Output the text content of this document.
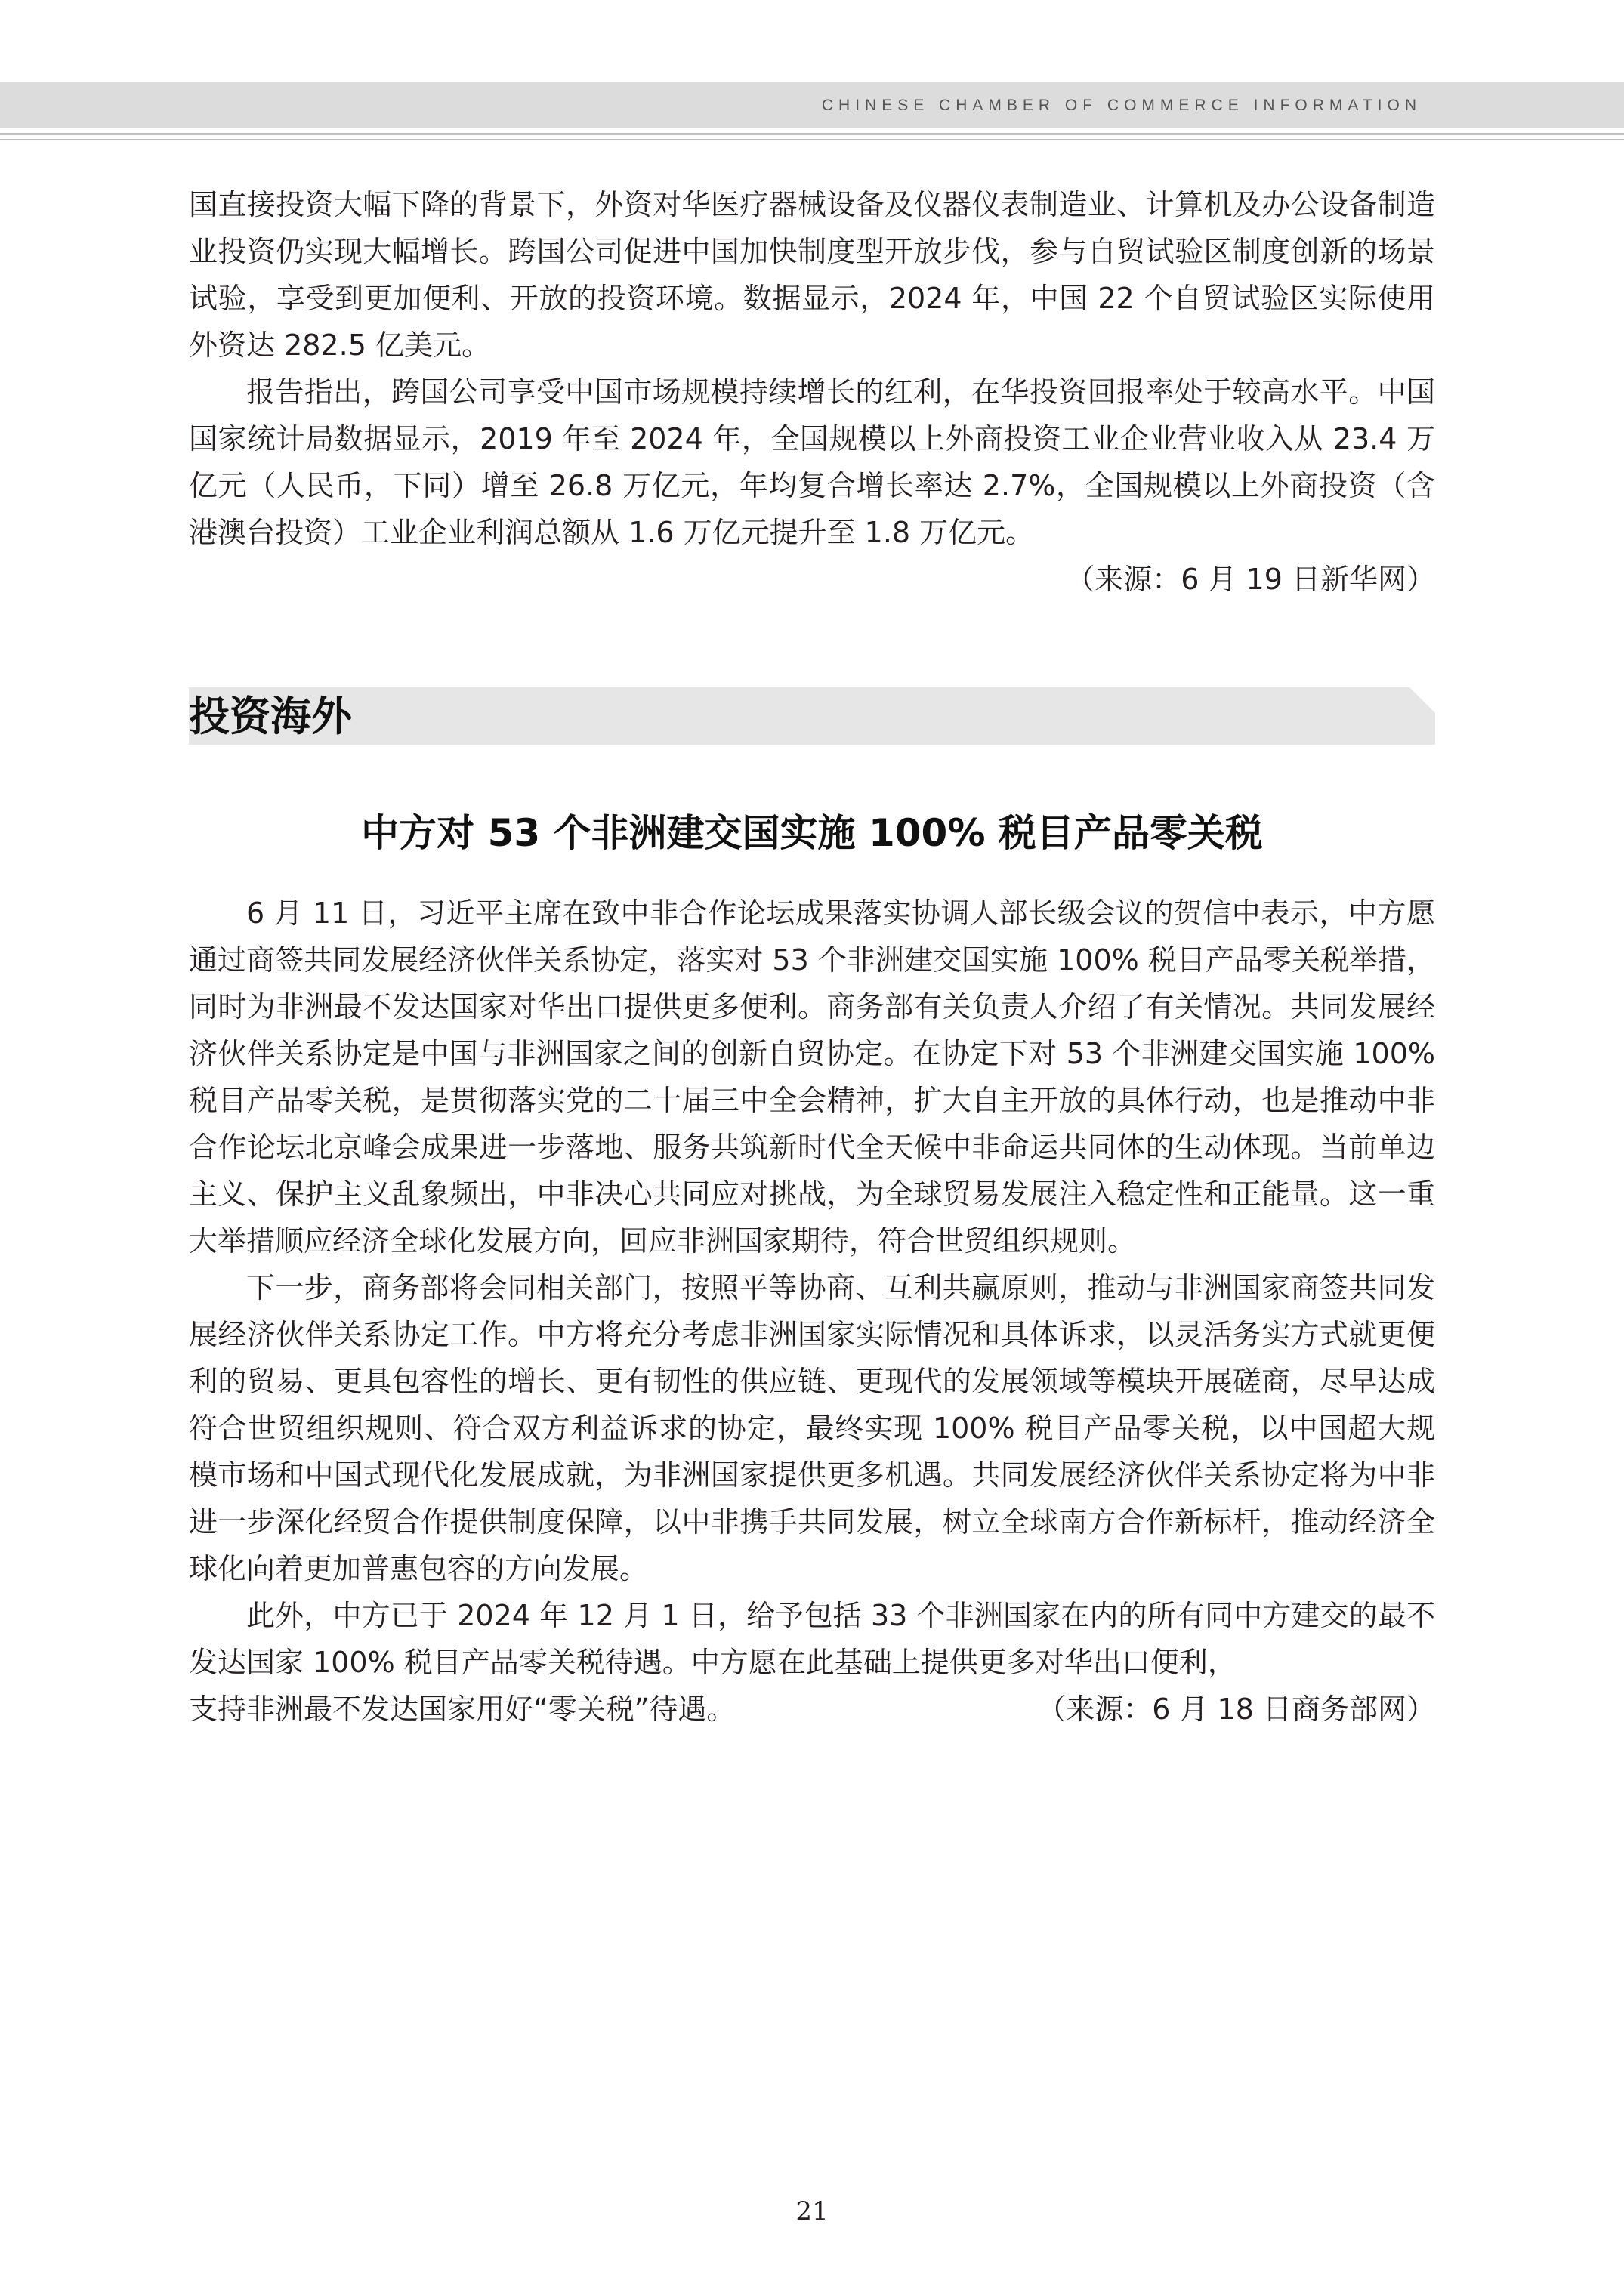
CHINESE CHAMBER OF COMMERCE INFORMATION

国直接投资大幅下降的背景下，外资对华医疗器械设备及仪器仪表制造业、计算机及办公设备制造业投资仍实现大幅增长。跨国公司促进中国加快制度型开放步伐，参与自贸试验区制度创新的场景试验，享受到更加便利、开放的投资环境。数据显示，2024 年，中国 22 个自贸试验区实际使用外资达 282.5 亿美元。

报告指出，跨国公司享受中国市场规模持续增长的红利，在华投资回报率处于较高水平。中国国家统计局数据显示，2019 年至 2024 年，全国规模以上外商投资工业企业营业收入从 23.4 万亿元（人民币，下同）增至 26.8 万亿元，年均复合增长率达 2.7%，全国规模以上外商投资（含港澳台投资）工业企业利润总额从 1.6 万亿元提升至 1.8 万亿元。

（来源：6 月 19 日新华网）

投资海外
中方对 53 个非洲建交国实施 100% 税目产品零关税

6 月 11 日，习近平主席在致中非合作论坛成果落实协调人部长级会议的贺信中表示，中方愿通过商签共同发展经济伙伴关系协定，落实对 53 个非洲建交国实施 100% 税目产品零关税举措，同时为非洲最不发达国家对华出口提供更多便利。商务部有关负责人介绍了有关情况。共同发展经济伙伴关系协定是中国与非洲国家之间的创新自贸协定。在协定下对 53 个非洲建交国实施 100% 税目产品零关税，是贯彻落实党的二十届三中全会精神，扩大自主开放的具体行动，也是推动中非合作论坛北京峰会成果进一步落地、服务共筑新时代全天候中非命运共同体的生动体现。当前单边主义、保护主义乱象频出，中非决心共同应对挑战，为全球贸易发展注入稳定性和正能量。这一重大举措顺应经济全球化发展方向，回应非洲国家期待，符合世贸组织规则。

下一步，商务部将会同相关部门，按照平等协商、互利共赢原则，推动与非洲国家商签共同发展经济伙伴关系协定工作。中方将充分考虑非洲国家实际情况和具体诉求，以灵活务实方式就更便利的贸易、更具包容性的增长、更有韧性的供应链、更现代的发展领域等模块开展磋商，尽早达成符合世贸组织规则、符合双方利益诉求的协定，最终实现 100% 税目产品零关税，以中国超大规模市场和中国式现代化发展成就，为非洲国家提供更多机遇。共同发展经济伙伴关系协定将为中非进一步深化经贸合作提供制度保障，以中非携手共同发展，树立全球南方合作新标杆，推动经济全球化向着更加普惠包容的方向发展。

此外，中方已于 2024 年 12 月 1 日，给予包括 33 个非洲国家在内的所有同中方建交的最不发达国家 100% 税目产品零关税待遇。中方愿在此基础上提供更多对华出口便利，

支持非洲最不发达国家用好“零关税”待遇。	（来源：6 月 18 日商务部网）
21
